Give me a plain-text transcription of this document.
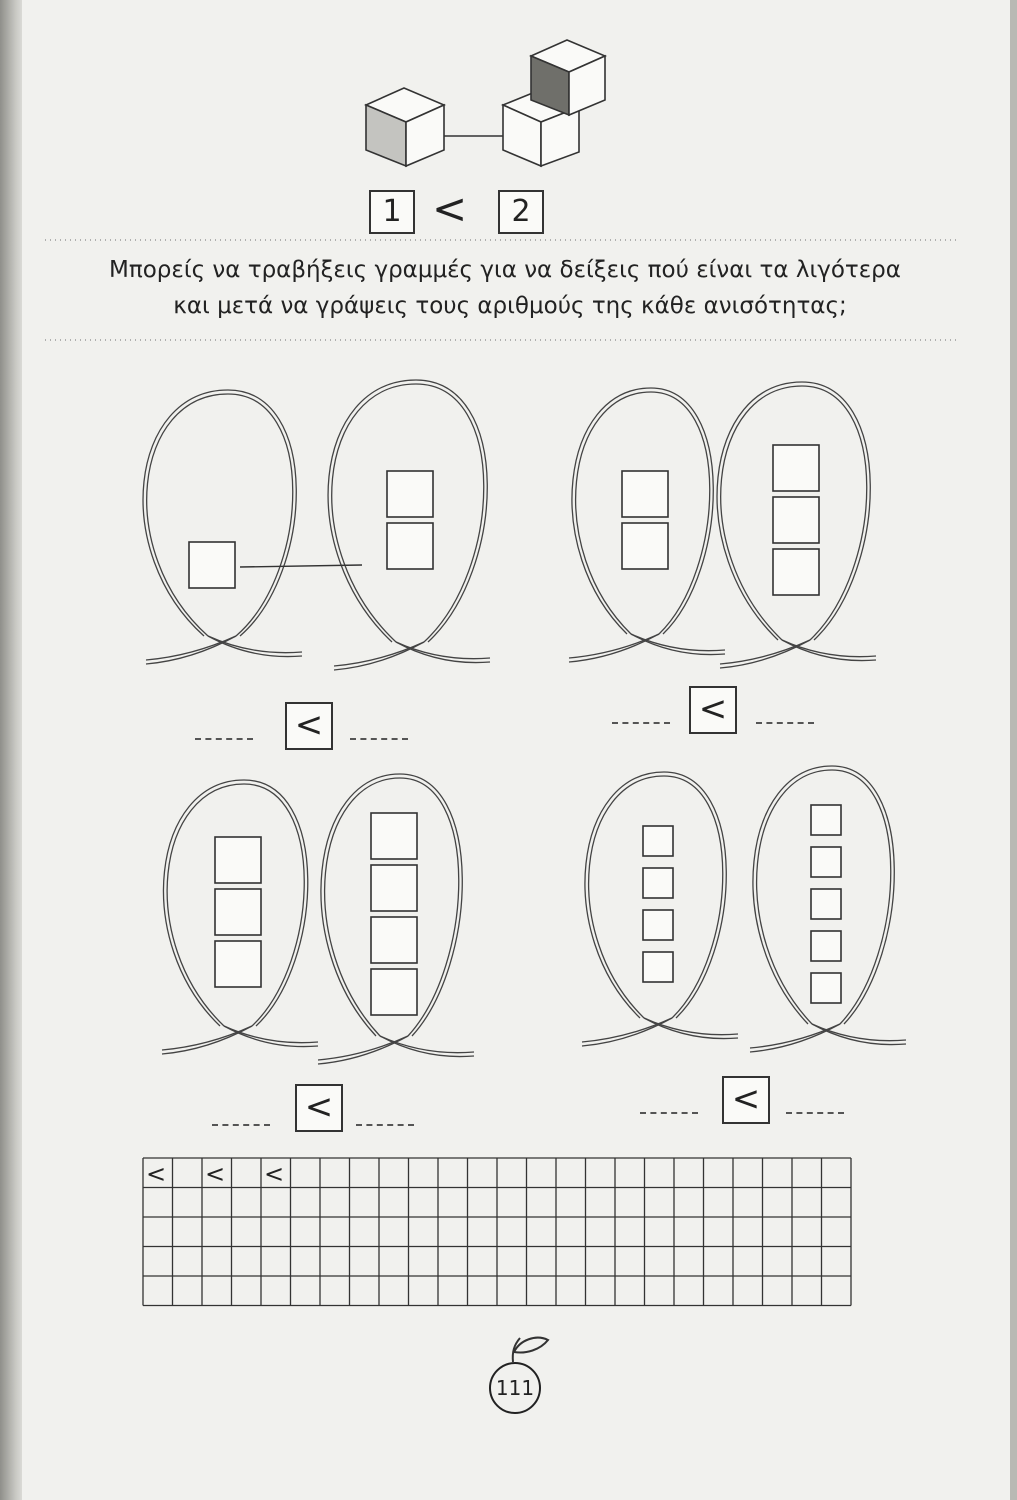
1 <	2
Μπορείς να τραβήξεις γραμμές για να δείξεις πού είναι τα λιγότερα
και μετά να γράψεις τους αριθμούς της κάθε ανισότητας;
<	<
<	<
< < <
111
